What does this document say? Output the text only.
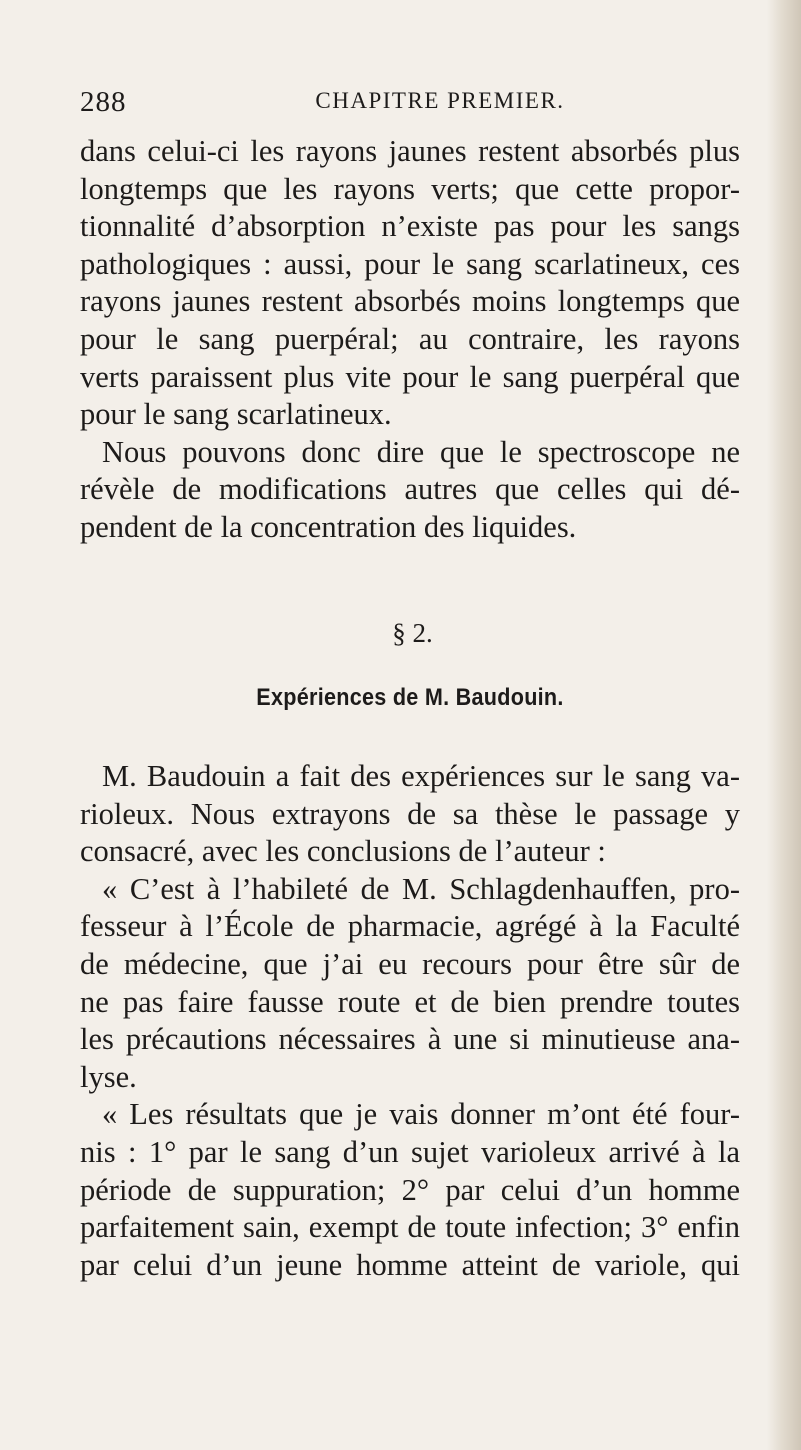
288	CHAPITRE PREMIER.
dans celui-ci les rayons jaunes restent absorbés plus
longtemps que les rayons verts; que cette propor-
tionnalité d’absorption n’existe pas pour les sangs
pathologiques : aussi, pour le sang scarlatineux, ces
rayons jaunes restent absorbés moins longtemps que
pour le sang puerpéral; au contraire, les rayons
verts paraissent plus vite pour le sang puerpéral que
pour le sang scarlatineux.
Nous pouvons donc dire que le spectroscope ne
révèle de modifications autres que celles qui dé-
pendent de la concentration des liquides.
§ 2.
Expériences de M. Baudouin.
M. Baudouin a fait des expériences sur le sang va-
rioleux. Nous extrayons de sa thèse le passage y
consacré, avec les conclusions de l’auteur :
« C’est à l’habileté de M. Schlagdenhauffen, pro-
fesseur à l’École de pharmacie, agrégé à la Faculté
de médecine, que j’ai eu recours pour être sûr de
ne pas faire fausse route et de bien prendre toutes
les précautions nécessaires à une si minutieuse ana-
lyse.
« Les résultats que je vais donner m’ont été four-
nis : 1° par le sang d’un sujet varioleux arrivé à la
période de suppuration; 2° par celui d’un homme
parfaitement sain, exempt de toute infection; 3° enfin
par celui d’un jeune homme atteint de variole, qui
